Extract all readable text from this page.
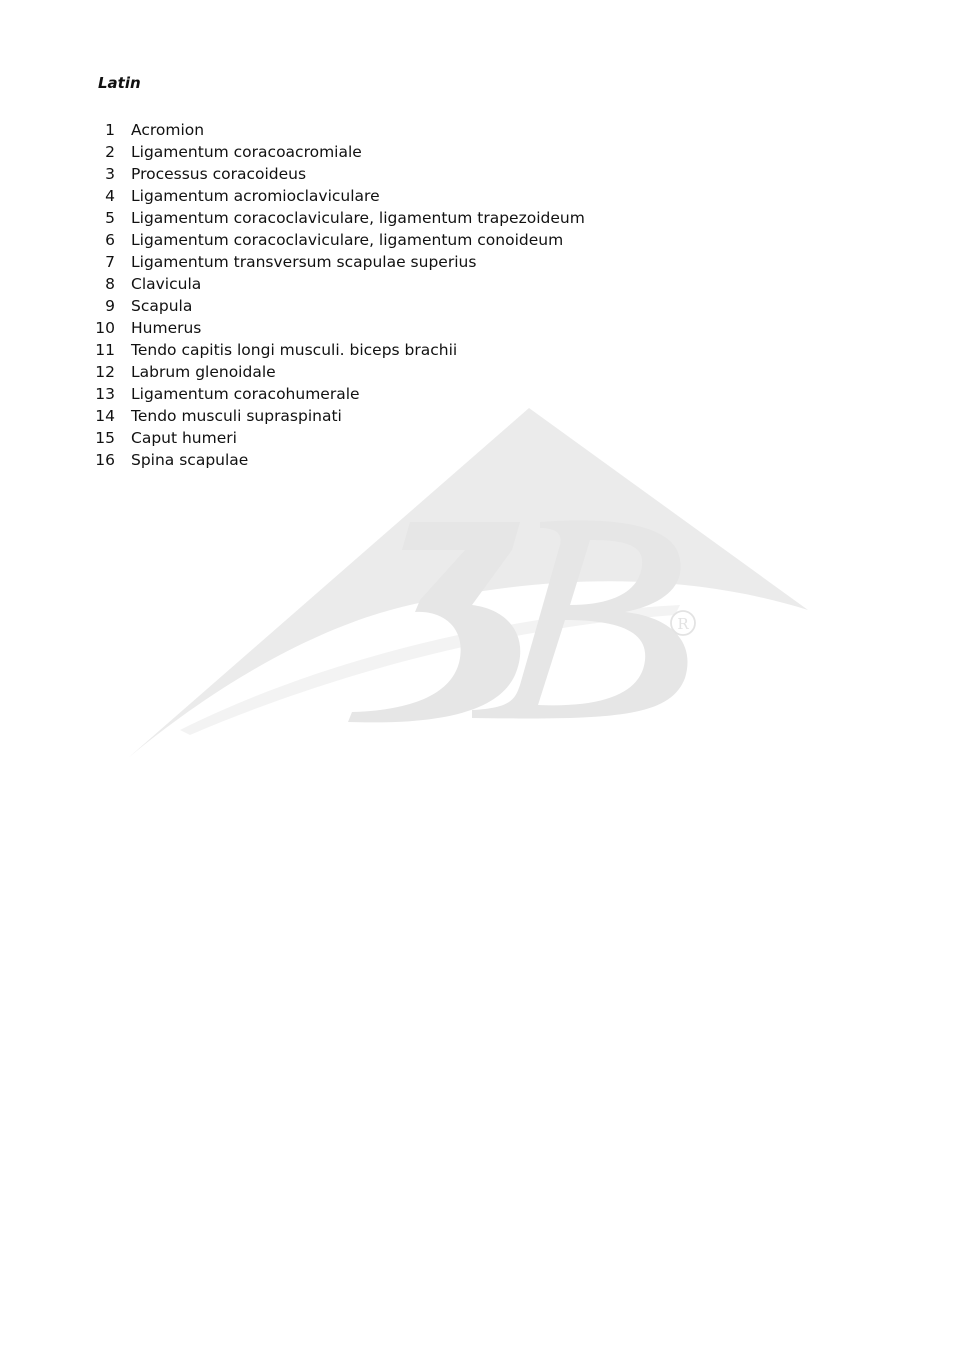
R
Latin
1 Acromion
2 Ligamentum coracoacromiale
3 Processus coracoideus
4 Ligamentum acromioclaviculare
5 Ligamentum coracoclaviculare, ligamentum trapezoideum
6 Ligamentum coracoclaviculare, ligamentum conoideum
7 Ligamentum transversum scapulae superius
8 Clavicula
9 Scapula
10 Humerus
11 Tendo capitis longi musculi. biceps brachii
12 Labrum glenoidale
13 Ligamentum coracohumerale
14 Tendo musculi supraspinati
15 Caput humeri
16 Spina scapulae
